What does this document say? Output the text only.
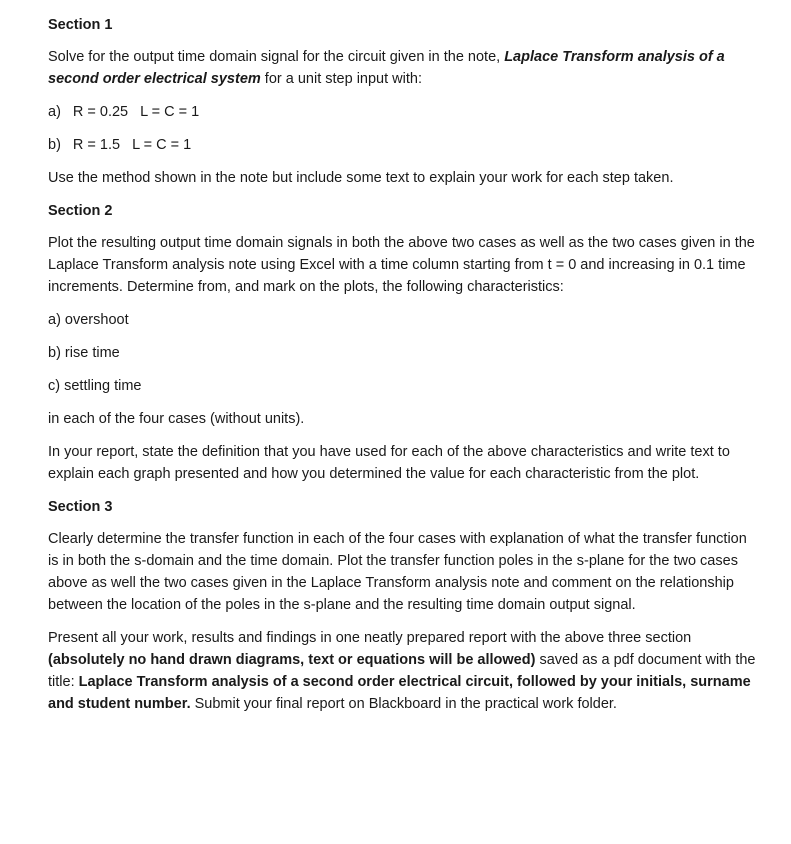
Section 1

Solve for the output time domain signal for the circuit given in the note, Laplace Transform analysis of a second order electrical system for a unit step input with:

a) R = 0.25 L = C = 1
b) R = 1.5 L = C = 1

Use the method shown in the note but include some text to explain your work for each step taken.

Section 2

Plot the resulting output time domain signals in both the above two cases as well as the two cases given in the Laplace Transform analysis note using Excel with a time column starting from t = 0 and increasing in 0.1 time increments. Determine from, and mark on the plots, the following characteristics:

a) overshoot
b) rise time
c) settling time

in each of the four cases (without units).

In your report, state the definition that you have used for each of the above characteristics and write text to explain each graph presented and how you determined the value for each characteristic from the plot.

Section 3

Clearly determine the transfer function in each of the four cases with explanation of what the transfer function is in both the s-domain and the time domain. Plot the transfer function poles in the s-plane for the two cases above as well the two cases given in the Laplace Transform analysis note and comment on the relationship between the location of the poles in the s-plane and the resulting time domain output signal.

Present all your work, results and findings in one neatly prepared report with the above three section (absolutely no hand drawn diagrams, text or equations will be allowed) saved as a pdf document with the title: Laplace Transform analysis of a second order electrical circuit, followed by your initials, surname and student number. Submit your final report on Blackboard in the practical work folder.
